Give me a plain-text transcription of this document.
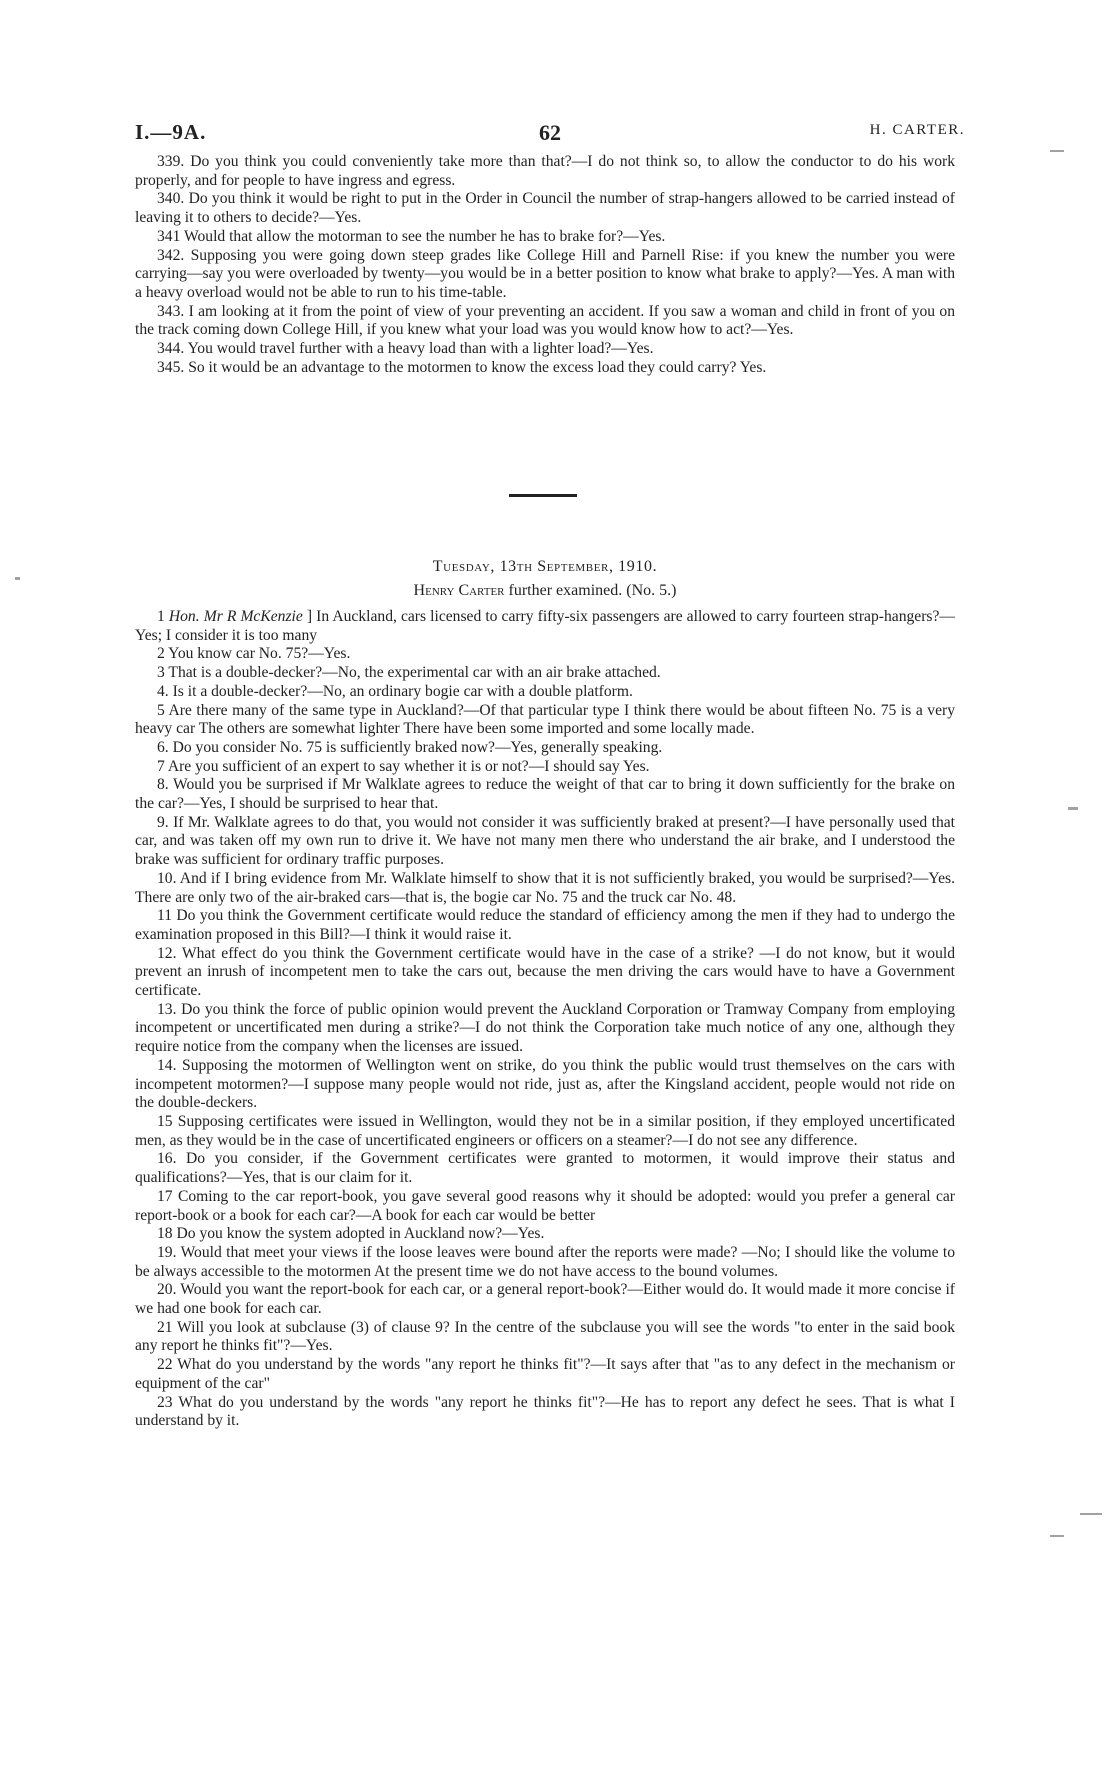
I.—9A.	62	H. CARTER.

339. Do you think you could conveniently take more than that?—I do not think so, to allow the conductor to do his work properly, and for people to have ingress and egress.

340. Do you think it would be right to put in the Order in Council the number of strap-hangers allowed to be carried instead of leaving it to others to decide?—Yes.

341 Would that allow the motorman to see the number he has to brake for?—Yes.

342. Supposing you were going down steep grades like College Hill and Parnell Rise: if you knew the number you were carrying—say you were overloaded by twenty—you would be in a better position to know what brake to apply?—Yes. A man with a heavy overload would not be able to run to his time-table.

343. I am looking at it from the point of view of your preventing an accident. If you saw a woman and child in front of you on the track coming down College Hill, if you knew what your load was you would know how to act?—Yes.

344. You would travel further with a heavy load than with a lighter load?—Yes.

345. So it would be an advantage to the motormen to know the excess load they could carry? Yes.

Tuesday, 13th September, 1910.
Henry Carter further examined. (No. 5.)

1 Hon. Mr R McKenzie ] In Auckland, cars licensed to carry fifty-six passengers are allowed to carry fourteen strap-hangers?—Yes; I consider it is too many

2 You know car No. 75?—Yes.

3 That is a double-decker?—No, the experimental car with an air brake attached.

4. Is it a double-decker?—No, an ordinary bogie car with a double platform.

5 Are there many of the same type in Auckland?—Of that particular type I think there would be about fifteen No. 75 is a very heavy car The others are somewhat lighter There have been some imported and some locally made.

6. Do you consider No. 75 is sufficiently braked now?—Yes, generally speaking.

7 Are you sufficient of an expert to say whether it is or not?—I should say Yes.

8. Would you be surprised if Mr Walklate agrees to reduce the weight of that car to bring it down sufficiently for the brake on the car?—Yes, I should be surprised to hear that.

9. If Mr. Walklate agrees to do that, you would not consider it was sufficiently braked at present?—I have personally used that car, and was taken off my own run to drive it. We have not many men there who understand the air brake, and I understood the brake was sufficient for ordinary traffic purposes.

10. And if I bring evidence from Mr. Walklate himself to show that it is not sufficiently braked, you would be surprised?—Yes. There are only two of the air-braked cars—that is, the bogie car No. 75 and the truck car No. 48.

11 Do you think the Government certificate would reduce the standard of efficiency among the men if they had to undergo the examination proposed in this Bill?—I think it would raise it.

12. What effect do you think the Government certificate would have in the case of a strike? —I do not know, but it would prevent an inrush of incompetent men to take the cars out, because the men driving the cars would have to have a Government certificate.

13. Do you think the force of public opinion would prevent the Auckland Corporation or Tramway Company from employing incompetent or uncertificated men during a strike?—I do not think the Corporation take much notice of any one, although they require notice from the company when the licenses are issued.

14. Supposing the motormen of Wellington went on strike, do you think the public would trust themselves on the cars with incompetent motormen?—I suppose many people would not ride, just as, after the Kingsland accident, people would not ride on the double-deckers.

15 Supposing certificates were issued in Wellington, would they not be in a similar position, if they employed uncertificated men, as they would be in the case of uncertificated engineers or officers on a steamer?—I do not see any difference.

16. Do you consider, if the Government certificates were granted to motormen, it would improve their status and qualifications?—Yes, that is our claim for it.

17 Coming to the car report-book, you gave several good reasons why it should be adopted: would you prefer a general car report-book or a book for each car?—A book for each car would be better

18 Do you know the system adopted in Auckland now?—Yes.

19. Would that meet your views if the loose leaves were bound after the reports were made? —No; I should like the volume to be always accessible to the motormen At the present time we do not have access to the bound volumes.

20. Would you want the report-book for each car, or a general report-book?—Either would do. It would made it more concise if we had one book for each car.

21 Will you look at subclause (3) of clause 9? In the centre of the subclause you will see the words "to enter in the said book any report he thinks fit"?—Yes.

22 What do you understand by the words "any report he thinks fit"?—It says after that "as to any defect in the mechanism or equipment of the car"

23 What do you understand by the words "any report he thinks fit"?—He has to report any defect he sees. That is what I understand by it.
